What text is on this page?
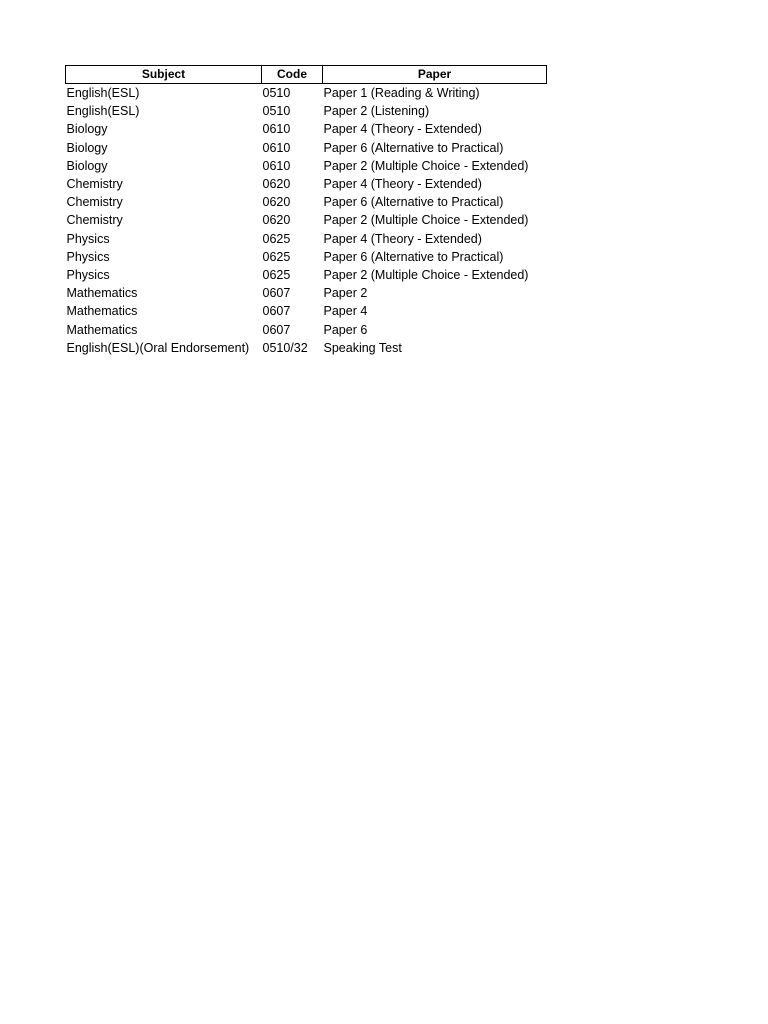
Subject	Code	Paper
English(ESL)	0510	Paper 1 (Reading & Writing)
English(ESL)	0510	Paper 2 (Listening)
Biology	0610	Paper 4 (Theory - Extended)
Biology	0610	Paper 6 (Alternative to Practical)
Biology	0610	Paper 2 (Multiple Choice - Extended)
Chemistry	0620	Paper 4 (Theory - Extended)
Chemistry	0620	Paper 6 (Alternative to Practical)
Chemistry	0620	Paper 2 (Multiple Choice - Extended)
Physics	0625	Paper 4 (Theory - Extended)
Physics	0625	Paper 6 (Alternative to Practical)
Physics	0625	Paper 2 (Multiple Choice - Extended)
Mathematics	0607	Paper 2
Mathematics	0607	Paper 4
Mathematics	0607	Paper 6
English(ESL)(Oral Endorsement)	0510/32	Speaking Test
